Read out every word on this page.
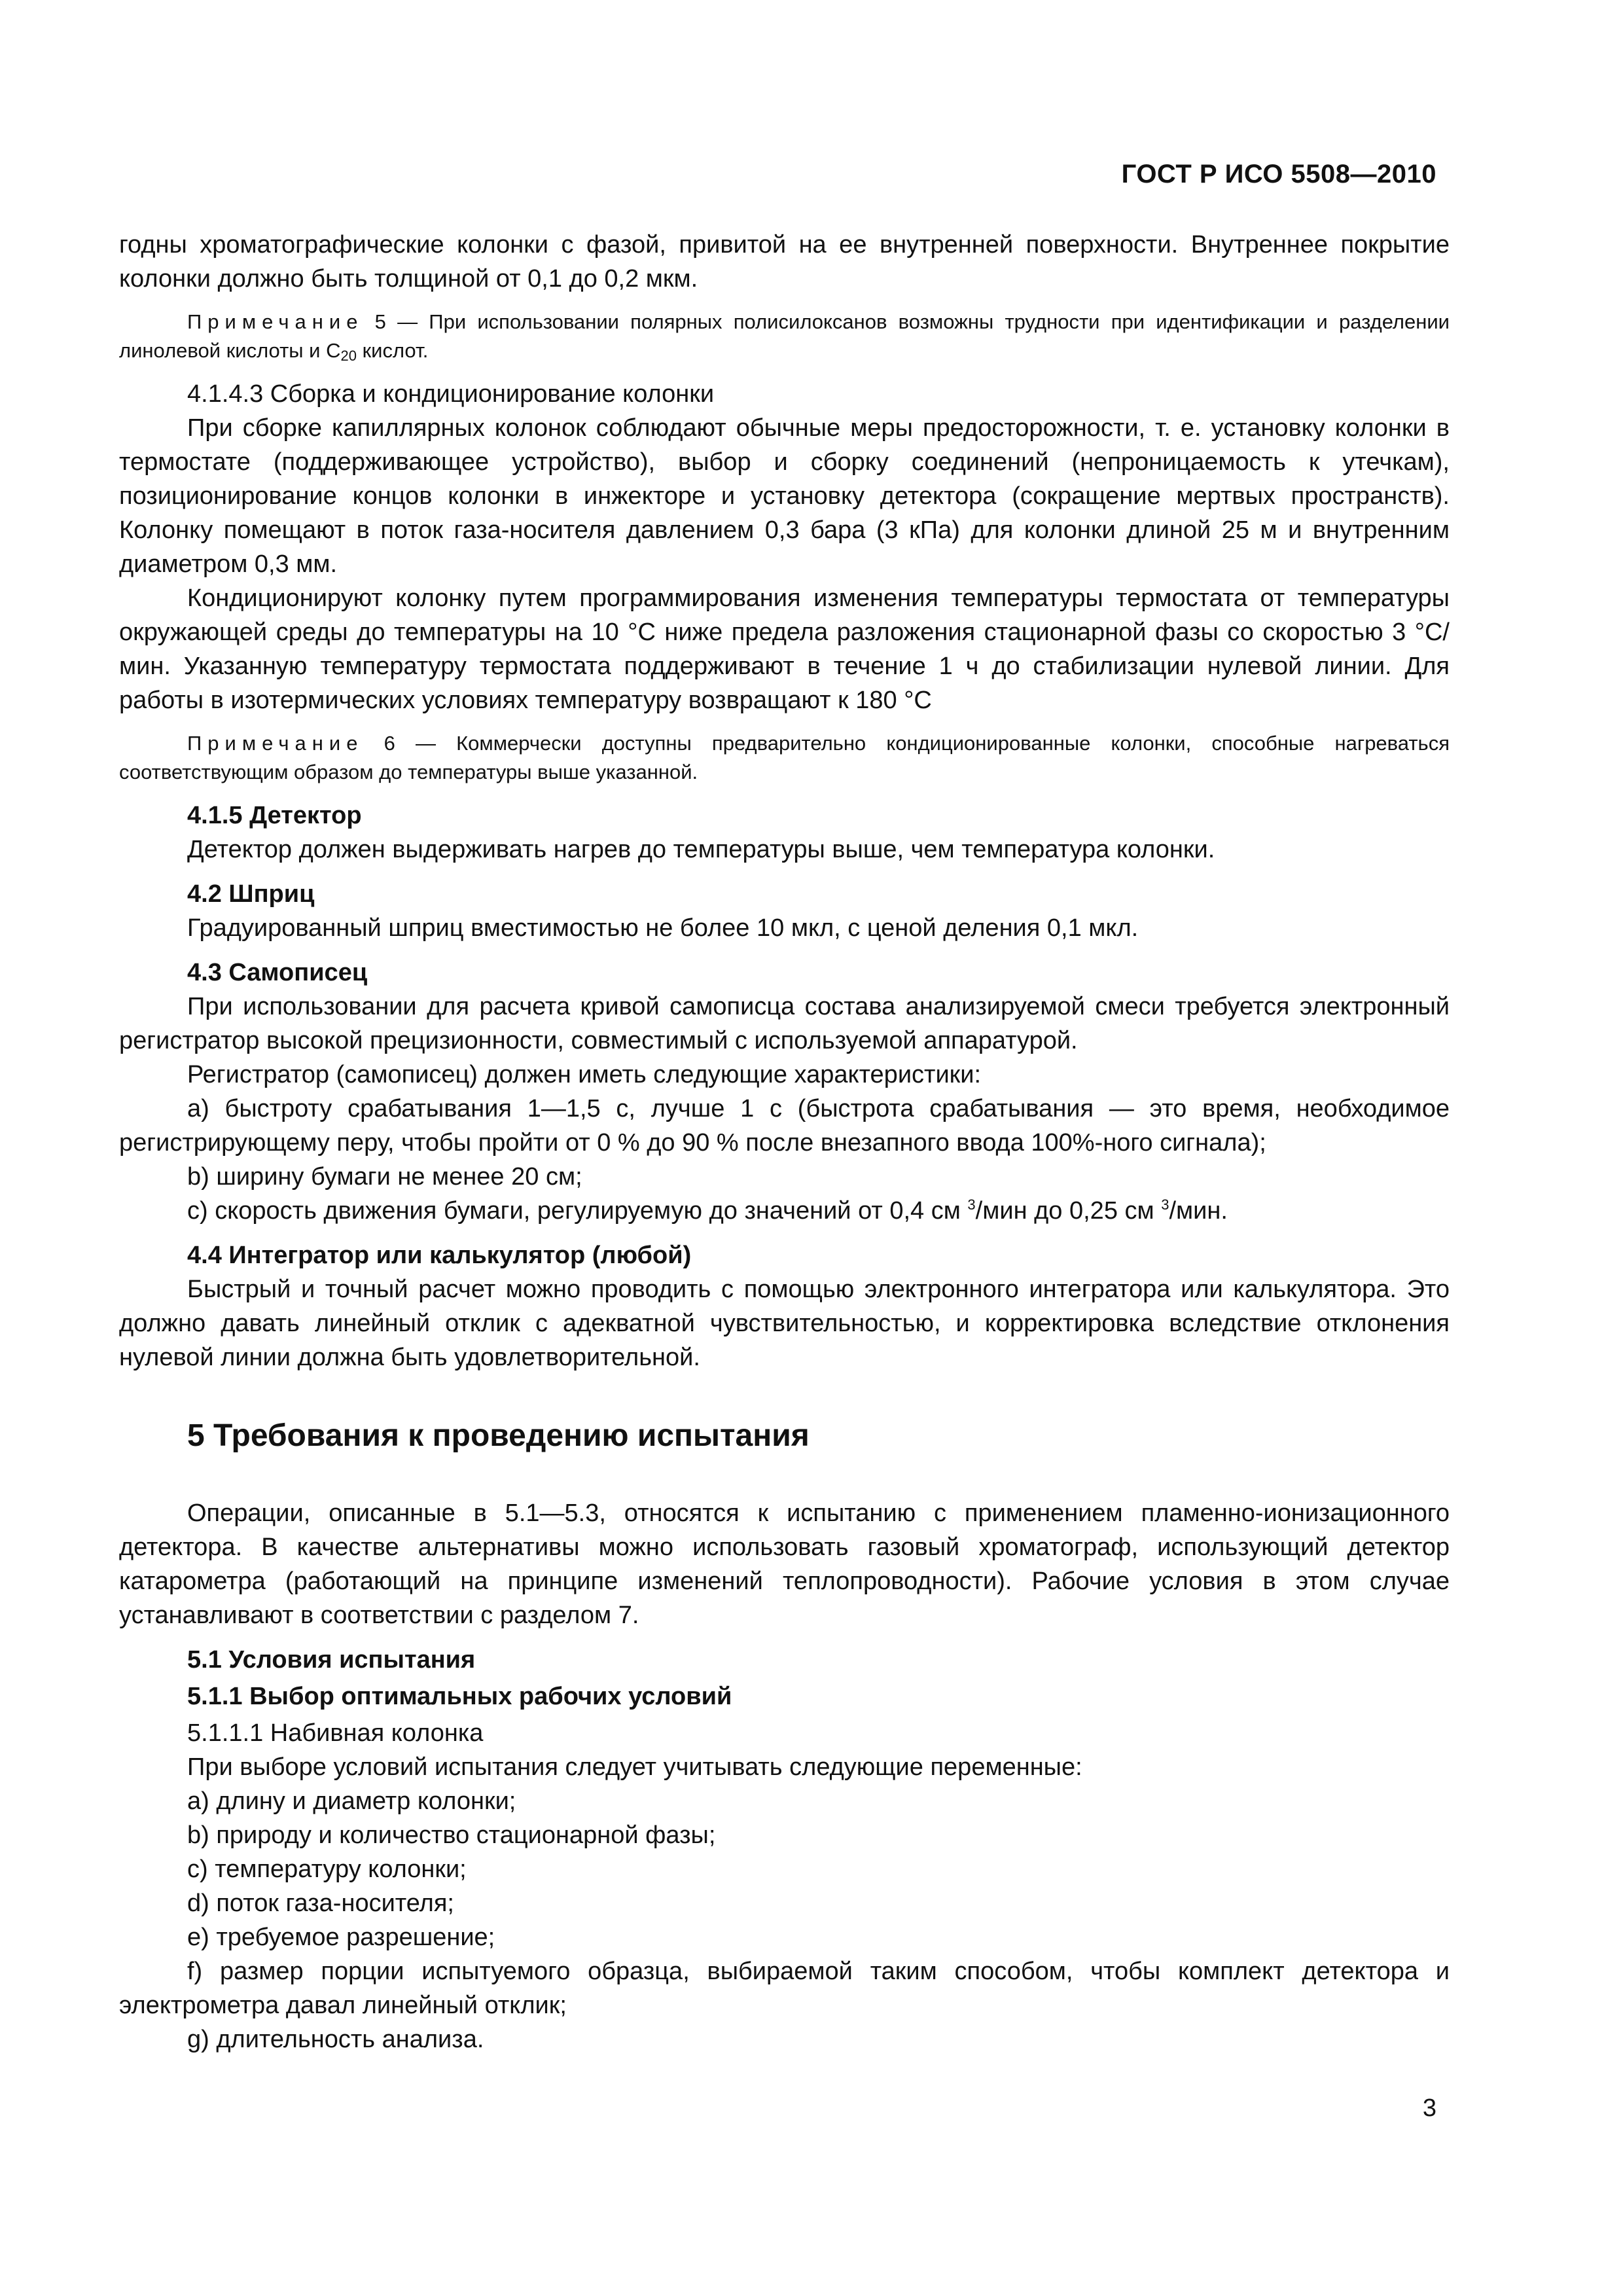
ГОСТ Р ИСО 5508—2010

годны хроматографические колонки с фазой, привитой на ее внутренней поверхности. Внутреннее покрытие колонки должно быть толщиной от 0,1 до 0,2 мкм.

Примечание 5 — При использовании полярных полисилоксанов возможны трудности при идентификации и разделении линолевой кислоты и $С_{20}$ кислот.

4.1.4.3 Сборка и кондиционирование колонки

При сборке капиллярных колонок соблюдают обычные меры предосторожности, т. е. установку колонки в термостате (поддерживающее устройство), выбор и сборку соединений (непроницаемость к утечкам), позиционирование концов колонки в инжекторе и установку детектора (сокращение мертвых пространств). Колонку помещают в поток газа-носителя давлением 0,3 бара (3 кПа) для колонки длиной 25 м и внутренним диаметром 0,3 мм.

Кондиционируют колонку путем программирования изменения температуры термостата от температуры окружающей среды до температуры на 10 °С ниже предела разложения стационарной фазы со скоростью 3 °С/мин. Указанную температуру термостата поддерживают в течение 1 ч до стабилизации нулевой линии. Для работы в изотермических условиях температуру возвращают к 180 °С

Примечание 6 — Коммерчески доступны предварительно кондиционированные колонки, способные нагреваться соответствующим образом до температуры выше указанной.

4.1.5 Детектор

Детектор должен выдерживать нагрев до температуры выше, чем температура колонки.

4.2 Шприц

Градуированный шприц вместимостью не более 10 мкл, с ценой деления 0,1 мкл.

4.3 Самописец

При использовании для расчета кривой самописца состава анализируемой смеси требуется электронный регистратор высокой прецизионности, совместимый с используемой аппаратурой.

Регистратор (самописец) должен иметь следующие характеристики:

а) быстроту срабатывания 1—1,5 с, лучше 1 с (быстрота срабатывания — это время, необходимое регистрирующему перу, чтобы пройти от 0 % до 90 % после внезапного ввода 100%-ного сигнала);

b) ширину бумаги не менее 20 см;

с) скорость движения бумаги, регулируемую до значений от 0,4 см $^3$/мин до 0,25 см $^3$/мин.

4.4 Интегратор или калькулятор (любой)

Быстрый и точный расчет можно проводить с помощью электронного интегратора или калькулятора. Это должно давать линейный отклик с адекватной чувствительностью, и корректировка вследствие отклонения нулевой линии должна быть удовлетворительной.

5 Требования к проведению испытания

Операции, описанные в 5.1—5.3, относятся к испытанию с применением пламенно-ионизационного детектора. В качестве альтернативы можно использовать газовый хроматограф, использующий детектор катарометра (работающий на принципе изменений теплопроводности). Рабочие условия в этом случае устанавливают в соответствии с разделом 7.

5.1 Условия испытания

5.1.1 Выбор оптимальных рабочих условий

5.1.1.1 Набивная колонка

При выборе условий испытания следует учитывать следующие переменные:

а) длину и диаметр колонки;

b) природу и количество стационарной фазы;

с) температуру колонки;

d) поток газа-носителя;

е) требуемое разрешение;

f) размер порции испытуемого образца, выбираемой таким способом, чтобы комплект детектора и электрометра давал линейный отклик;

g) длительность анализа.

3
